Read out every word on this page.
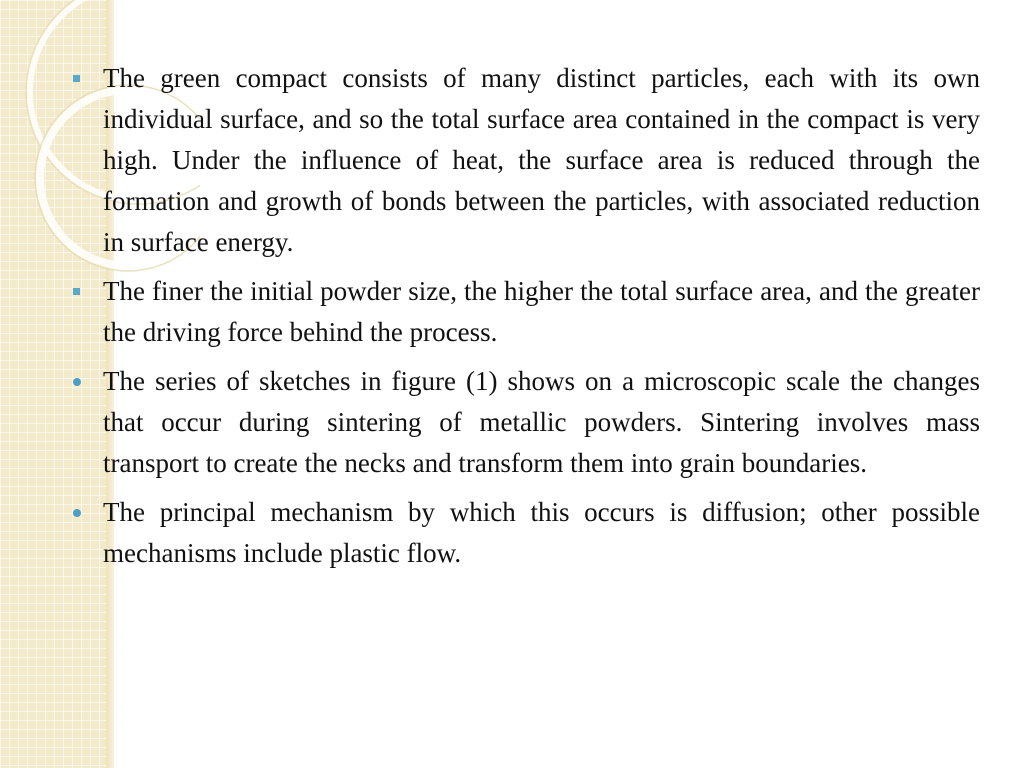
The green compact consists of many distinct particles, each with its own individual surface, and so the total surface area contained in the compact is very high. Under the influence of heat, the surface area is reduced through the formation and growth of bonds between the particles, with associated reduction in surface energy.
The finer the initial powder size, the higher the total surface area, and the greater the driving force behind the process.
The series of sketches in figure (1) shows on a microscopic scale the changes that occur during sintering of metallic powders. Sintering involves mass transport to create the necks and transform them into grain boundaries.
The principal mechanism by which this occurs is diffusion; other possible mechanisms include plastic flow.
